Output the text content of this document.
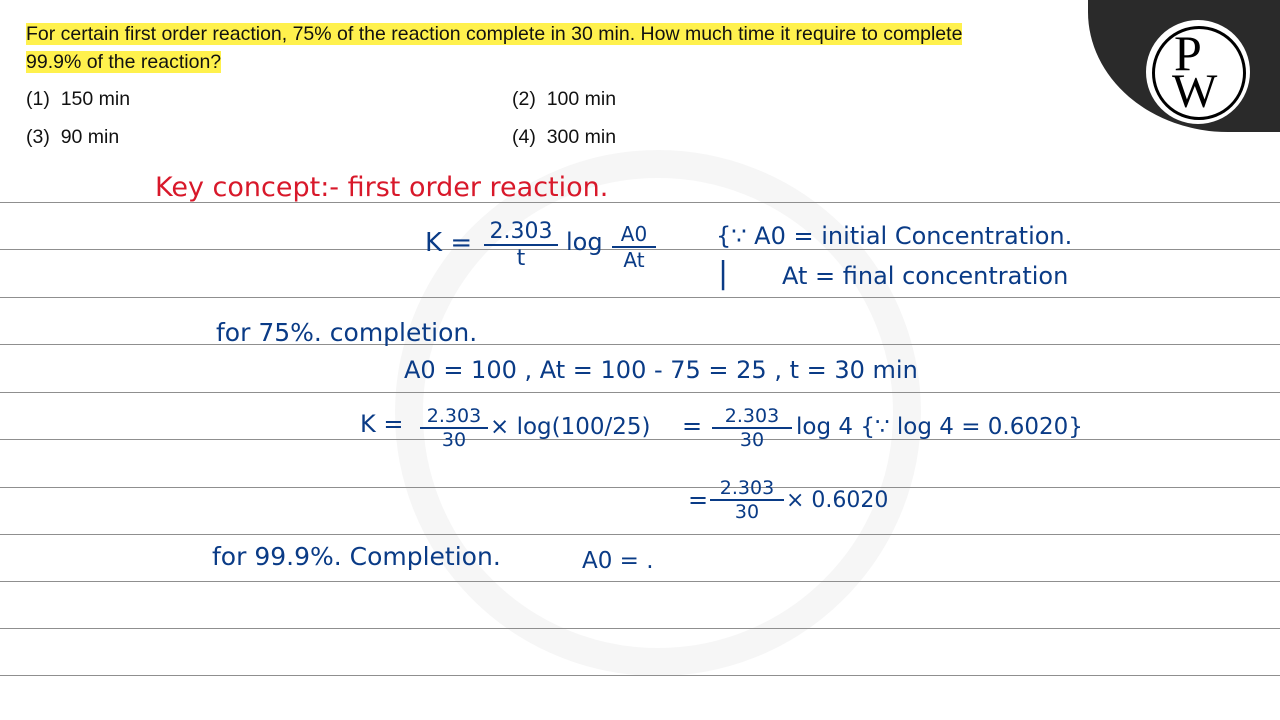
For certain first order reaction, 75% of the reaction complete in 30 min. How much time it require to complete
99.9% of the reaction?
(1) 150 min	(2) 100 min
(3) 90 min	(4) 300 min
P
W
Key concept:- first order reaction.
$K = \frac{2.303}{t}$ $\log \frac{A0}{At}$	{∵ A0 = initial Concentration.
At = final concentration
|
for 75%. completion.
A0 = 100 , At = 100 - 75 = 25 , t = 30 min
$K = \frac{2.303}{30} \times \log(100/25) = \frac{2.303}{30}$ log 4 {∵ log 4 = 0.6020}
= $\frac{2.303}{30} \times 0.6020$
for 99.9%. Completion.	A0 = .
